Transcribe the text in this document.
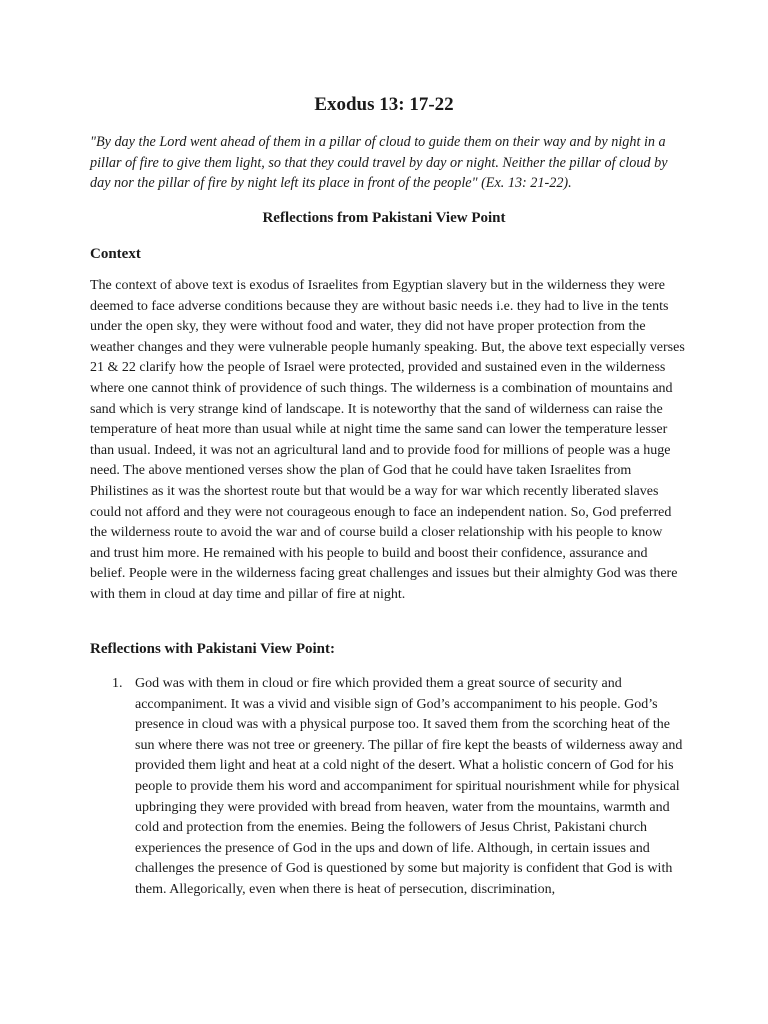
Exodus 13: 17-22

"By day the Lord went ahead of them in a pillar of cloud to guide them on their way and by night in a pillar of fire to give them light, so that they could travel by day or night. Neither the pillar of cloud by day nor the pillar of fire by night left its place in front of the people" (Ex. 13: 21-22).

Reflections from Pakistani View Point
Context

The context of above text is exodus of Israelites from Egyptian slavery but in the wilderness they were deemed to face adverse conditions because they are without basic needs i.e. they had to live in the tents under the open sky, they were without food and water, they did not have proper protection from the weather changes and they were vulnerable people humanly speaking. But, the above text especially verses 21 & 22 clarify how the people of Israel were protected, provided and sustained even in the wilderness where one cannot think of providence of such things. The wilderness is a combination of mountains and sand which is very strange kind of landscape. It is noteworthy that the sand of wilderness can raise the temperature of heat more than usual while at night time the same sand can lower the temperature lesser than usual. Indeed, it was not an agricultural land and to provide food for millions of people was a huge need. The above mentioned verses show the plan of God that he could have taken Israelites from Philistines as it was the shortest route but that would be a way for war which recently liberated slaves could not afford and they were not courageous enough to face an independent nation. So, God preferred the wilderness route to avoid the war and of course build a closer relationship with his people to know and trust him more. He remained with his people to build and boost their confidence, assurance and belief. People were in the wilderness facing great challenges and issues but their almighty God was there with them in cloud at day time and pillar of fire at night.

Reflections with Pakistani View Point:
1. God was with them in cloud or fire which provided them a great source of security and accompaniment. It was a vivid and visible sign of God’s accompaniment to his people. God’s presence in cloud was with a physical purpose too. It saved them from the scorching heat of the sun where there was not tree or greenery. The pillar of fire kept the beasts of wilderness away and provided them light and heat at a cold night of the desert. What a holistic concern of God for his people to provide them his word and accompaniment for spiritual nourishment while for physical upbringing they were provided with bread from heaven, water from the mountains, warmth and cold and protection from the enemies. Being the followers of Jesus Christ, Pakistani church experiences the presence of God in the ups and down of life. Although, in certain issues and challenges the presence of God is questioned by some but majority is confident that God is with them. Allegorically, even when there is heat of persecution, discrimination,
